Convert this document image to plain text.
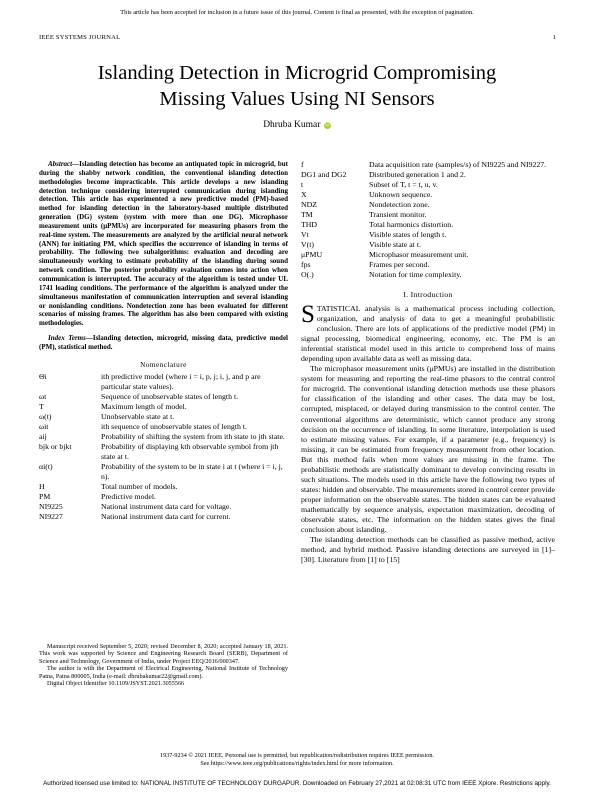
This article has been accepted for inclusion in a future issue of this journal. Content is final as presented, with the exception of pagination.
IEEE SYSTEMS JOURNAL	1
Islanding Detection in Microgrid Compromising
Missing Values Using NI Sensors
Dhruba Kumar iD

Abstract—Islanding detection has become an antiquated topic in microgrid, but during the shabby network condition, the conventional islanding detection methodologies become impracticable. This article develops a new islanding detection technique considering interrupted communication during islanding detection. This article has experimented a new predictive model (PM)-based method for islanding detection in the laboratory-based multiple distributed generation (DG) system (system with more than one DG). Microphasor measurement units (μPMUs) are incorporated for measuring phasors from the real-time system. The measurements are analyzed by the artificial neural network (ANN) for initiating PM, which specifies the occurrence of islanding in terms of probability. The following two subalgorithms: evaluation and decoding are simultaneously working to estimate probability of the islanding during sound network condition. The posterior probability evaluation comes into action when communication is interrupted. The accuracy of the algorithm is tested under UL 1741 loading conditions. The performance of the algorithm is analyzed under the simultaneous manifestation of communication interruption and several islanding or nonislanding conditions. Nondetection zone has been evaluated for different scenarios of missing frames. The algorithm has also been compared with existing methodologies.

Index Terms—Islanding detection, microgrid, missing data, predictive model (PM), statistical method.

Nomenclature
Θi	ith predictive model (where i = i, p, j; i, j, and p are particular state values).
ωt	Sequence of unobservable states of length t.
T	Maximum length of model.
ω(t)	Unobservable state at t.
ωit	ith sequence of unobservable states of length t.
aij	Probability of shifting the system from ith state to jth state.
bjk or bjkt	Probability of displaying kth observable symbol from jth state at t.
αi(t)	Probability of the system to be in state i at t (where i = i, j, n).
H	Total number of models.
PM	Predictive model.
NI9225	National instrument data card for voltage.
NI9227	National instrument data card for current.

Manuscript received September 5, 2020; revised December 8, 2020; accepted January 18, 2021. This work was supported by Science and Engineering Research Board (SERB), Department of Science and Technology, Government of India, under Project EEQ/2016/000347.

The author is with the Department of Electrical Engineering, National Institute of Technology Patna, Patna 800005, India (e-mail: dhrubakumar22@gmail.com).

Digital Object Identifier 10.1109/JSYST.2021.3055566

f	Data acquisition rate (samples/s) of NI9225 and NI9227.
DG1 and DG2	Distributed generation 1 and 2.
t	Subset of T, t = t, u, v.
X	Unknown sequence.
NDZ	Nondetection zone.
TM	Transient monitor.
THD	Total harmonics distortion.
Vt	Visible states of length t.
V(t)	Visible state at t.
μPMU	Microphasor measurement unit.
fps	Frames per second.
O(.)	Notation for time complexity.
I. Introduction

STATISTICAL analysis is a mathematical process including collection, organization, and analysis of data to get a meaningful probabilistic conclusion. There are lots of applications of the predictive model (PM) in signal processing, biomedical engineering, economy, etc. The PM is an inferential statistical model used in this article to comprehend loss of mains depending upon available data as well as missing data.

The microphasor measurement units (μPMUs) are installed in the distribution system for measuring and reporting the real-time phasors to the central control for microgrid. The conventional islanding detection methods use these phasors for classification of the islanding and other cases. The data may be lost, corrupted, misplaced, or delayed during transmission to the control center. The conventional algorithms are deterministic, which cannot produce any strong decision on the occurrence of islanding. In some literature, interpolation is used to estimate missing values. For example, if a parameter (e.g., frequency) is missing, it can be estimated from frequency measurement from other location. But this method fails when more values are missing in the frame. The probabilistic methods are statistically dominant to develop convincing results in such situations. The models used in this article have the following two types of states: hidden and observable. The measurements stored in control center provide proper information on the observable states. The hidden states can be evaluated mathematically by sequence analysis, expectation maximization, decoding of observable states, etc. The information on the hidden states gives the final conclusion about islanding.

The islanding detection methods can be classified as passive method, active method, and hybrid method. Passive islanding detections are surveyed in [1]–[30]. Literature from [1] to [15]

1937-9234 © 2021 IEEE. Personal use is permitted, but republication/redistribution requires IEEE permission.
See https://www.ieee.org/publications/rights/index.html for more information.
Authorized licensed use limited to: NATIONAL INSTITUTE OF TECHNOLOGY DURGAPUR. Downloaded on February 27,2021 at 02:08:31 UTC from IEEE Xplore. Restrictions apply.
